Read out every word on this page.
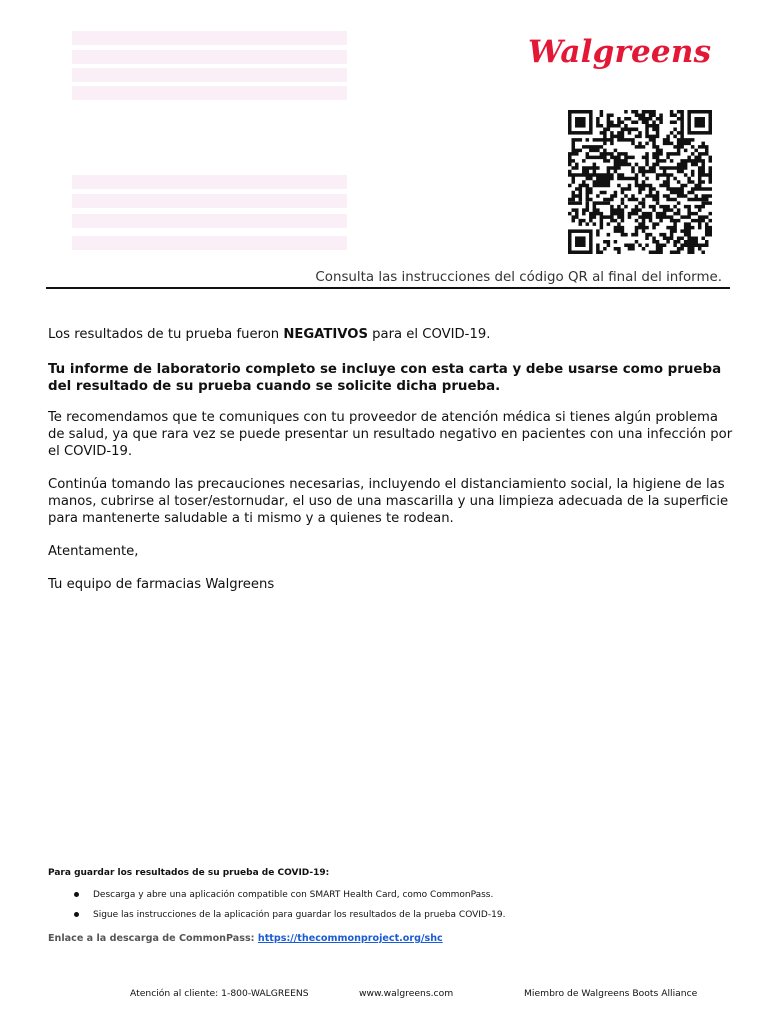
Walgreens
Consulta las instrucciones del código QR al final del informe.

Los resultados de tu prueba fueron NEGATIVOS para el COVID-19.

Tu informe de laboratorio completo se incluye con esta carta y debe usarse como prueba del resultado de su prueba cuando se solicite dicha prueba.

Te recomendamos que te comuniques con tu proveedor de atención médica si tienes algún problema de salud, ya que rara vez se puede presentar un resultado negativo en pacientes con una infección por el COVID-19.

Continúa tomando las precauciones necesarias, incluyendo el distanciamiento social, la higiene de las manos, cubrirse al toser/estornudar, el uso de una mascarilla y una limpieza adecuada de la superficie para mantenerte saludable a ti mismo y a quienes te rodean.

Atentamente,

Tu equipo de farmacias Walgreens

Para guardar los resultados de su prueba de COVID-19:

Descarga y abre una aplicación compatible con SMART Health Card, como CommonPass.
Sigue las instrucciones de la aplicación para guardar los resultados de la prueba COVID-19.
Enlace a la descarga de CommonPass: https://thecommonproject.org/shc
Atención al cliente: 1-800-WALGREENS	www.walgreens.com	Miembro de Walgreens Boots Alliance
